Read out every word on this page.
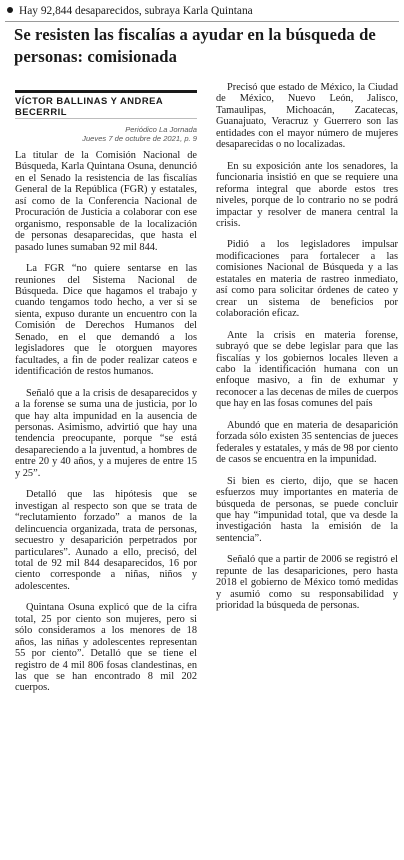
Hay 92,844 desaparecidos, subraya Karla Quintana
Se resisten las fiscalías a ayudar en la búsqueda de personas: comisionada
VÍCTOR BALLINAS Y ANDREA BECERRIL
Periódico La Jornada
Jueves 7 de octubre de 2021, p. 9

La titular de la Comisión Nacional de Búsqueda, Karla Quintana Osuna, denunció en el Senado la resistencia de las fiscalías General de la República (FGR) y estatales, así como de la Conferencia Nacional de Procuración de Justicia a colaborar con ese organismo, responsable de la localización de personas desaparecidas, que hasta el pasado lunes sumaban 92 mil 844.

La FGR “no quiere sentarse en las reuniones del Sistema Nacional de Búsqueda. Dice que hagamos el trabajo y cuando tengamos todo hecho, a ver si se sienta, expuso durante un encuentro con la Comisión de Derechos Humanos del Senado, en el que demandó a los legisladores que le otorguen mayores facultades, a fin de poder realizar cateos e identificación de restos humanos.

Señaló que a la crisis de desaparecidos y a la forense se suma una de justicia, por lo que hay alta impunidad en la ausencia de personas. Asimismo, advirtió que hay una tendencia preocupante, porque “se está desapareciendo a la juventud, a hombres de entre 20 y 40 años, y a mujeres de entre 15 y 25”.

Detalló que las hipótesis que se investigan al respecto son que se trata de “reclutamiento forzado” a manos de la delincuencia organizada, trata de personas, secuestro y desaparición perpetrados por particulares”. Aunado a ello, precisó, del total de 92 mil 844 desaparecidos, 16 por ciento corresponde a niñas, niños y adolescentes.

Quintana Osuna explicó que de la cifra total, 25 por ciento son mujeres, pero si sólo consideramos a los menores de 18 años, las niñas y adolescentes representan 55 por ciento”. Detalló que se tiene el registro de 4 mil 806 fosas clandestinas, en las que se han encontrado 8 mil 202 cuerpos.

Precisó que estado de México, la Ciudad de México, Nuevo León, Jalisco, Tamaulipas, Michoacán, Zacatecas, Guanajuato, Veracruz y Guerrero son las entidades con el mayor número de mujeres desaparecidas o no localizadas.

En su exposición ante los senadores, la funcionaria insistió en que se requiere una reforma integral que aborde estos tres niveles, porque de lo contrario no se podrá impactar y resolver de manera central la crisis.

Pidió a los legisladores impulsar modificaciones para fortalecer a las comisiones Nacional de Búsqueda y a las estatales en materia de rastreo inmediato, así como para solicitar órdenes de cateo y crear un sistema de beneficios por colaboración eficaz.

Ante la crisis en materia forense, subrayó que se debe legislar para que las fiscalías y los gobiernos locales lleven a cabo la identificación humana con un enfoque masivo, a fin de exhumar y reconocer a las decenas de miles de cuerpos que hay en las fosas comunes del país

Abundó que en materia de desaparición forzada sólo existen 35 sentencias de jueces federales y estatales, y más de 98 por ciento de casos se encuentra en la impunidad.

Si bien es cierto, dijo, que se hacen esfuerzos muy importantes en materia de búsqueda de personas, se puede concluir que hay “impunidad total, que va desde la investigación hasta la emisión de la sentencia”.

Señaló que a partir de 2006 se registró el repunte de las desapariciones, pero hasta 2018 el gobierno de México tomó medidas y asumió como su responsabilidad y prioridad la búsqueda de personas.
